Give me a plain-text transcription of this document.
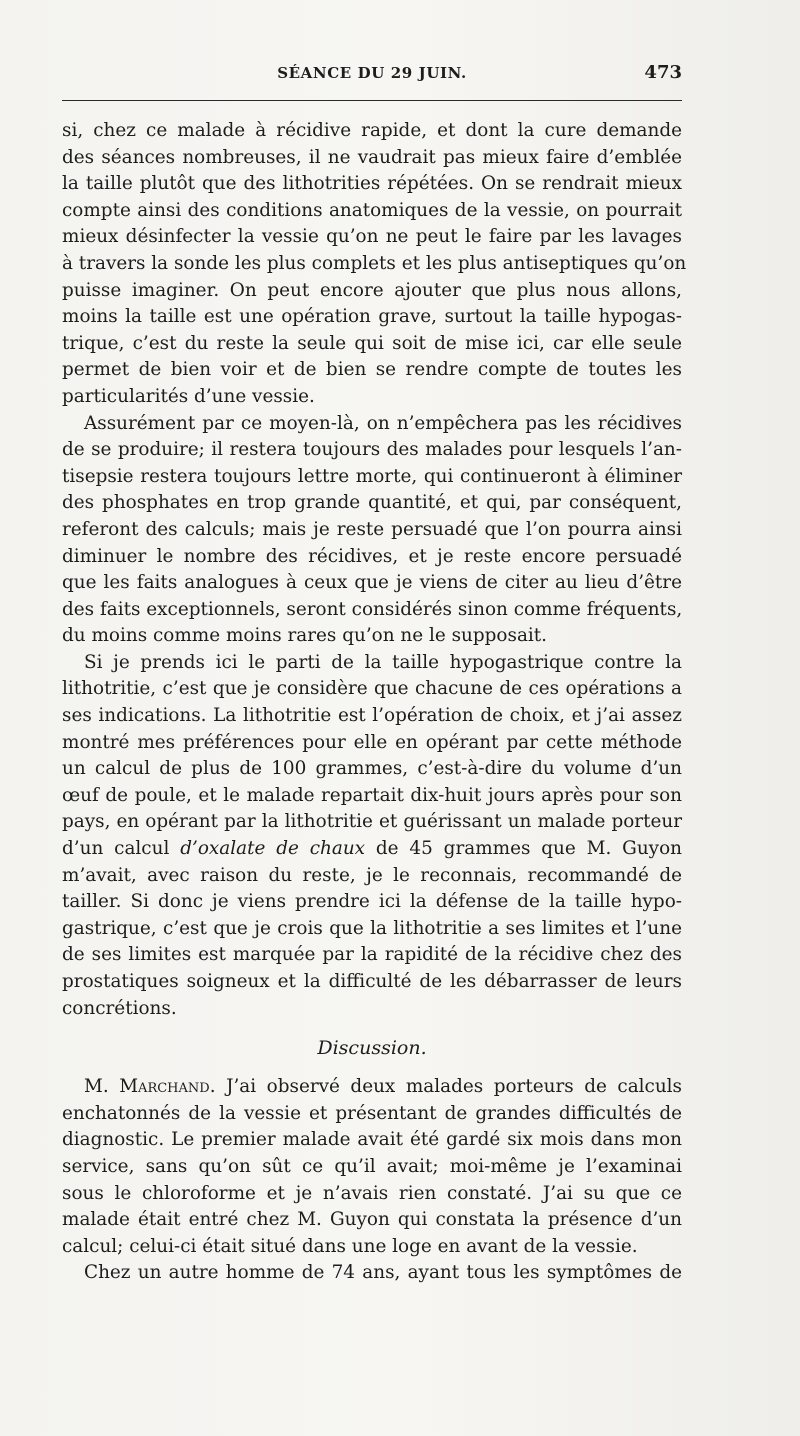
SÉANCE DU 29 JUIN.	473
si, chez ce malade à récidive rapide, et dont la cure demande
des séances nombreuses, il ne vaudrait pas mieux faire d’emblée
la taille plutôt que des lithotrities répétées. On se rendrait mieux
compte ainsi des conditions anatomiques de la vessie, on pourrait
mieux désinfecter la vessie qu’on ne peut le faire par les lavages
à travers la sonde les plus complets et les plus antiseptiques qu’on
puisse imaginer. On peut encore ajouter que plus nous allons,
moins la taille est une opération grave, surtout la taille hypogas-
trique, c’est du reste la seule qui soit de mise ici, car elle seule
permet de bien voir et de bien se rendre compte de toutes les
particularités d’une vessie.
Assurément par ce moyen-là, on n’empêchera pas les récidives
de se produire; il restera toujours des malades pour lesquels l’an-
tisepsie restera toujours lettre morte, qui continueront à éliminer
des phosphates en trop grande quantité, et qui, par conséquent,
referont des calculs; mais je reste persuadé que l’on pourra ainsi
diminuer le nombre des récidives, et je reste encore persuadé
que les faits analogues à ceux que je viens de citer au lieu d’être
des faits exceptionnels, seront considérés sinon comme fréquents,
du moins comme moins rares qu’on ne le supposait.
Si je prends ici le parti de la taille hypogastrique contre la
lithotritie, c’est que je considère que chacune de ces opérations a
ses indications. La lithotritie est l’opération de choix, et j’ai assez
montré mes préférences pour elle en opérant par cette méthode
un calcul de plus de 100 grammes, c’est-à-dire du volume d’un
œuf de poule, et le malade repartait dix-huit jours après pour son
pays, en opérant par la lithotritie et guérissant un malade porteur
d’un calcul d’oxalate de chaux de 45 grammes que M. Guyon
m’avait, avec raison du reste, je le reconnais, recommandé de
tailler. Si donc je viens prendre ici la défense de la taille hypo-
gastrique, c’est que je crois que la lithotritie a ses limites et l’une
de ses limites est marquée par la rapidité de la récidive chez des
prostatiques soigneux et la difficulté de les débarrasser de leurs
concrétions.
Discussion.
M. Marchand. J’ai observé deux malades porteurs de calculs
enchatonnés de la vessie et présentant de grandes difficultés de
diagnostic. Le premier malade avait été gardé six mois dans mon
service, sans qu’on sût ce qu’il avait; moi-même je l’examinai
sous le chloroforme et je n’avais rien constaté. J’ai su que ce
malade était entré chez M. Guyon qui constata la présence d’un
calcul; celui-ci était situé dans une loge en avant de la vessie.
Chez un autre homme de 74 ans, ayant tous les symptômes de
